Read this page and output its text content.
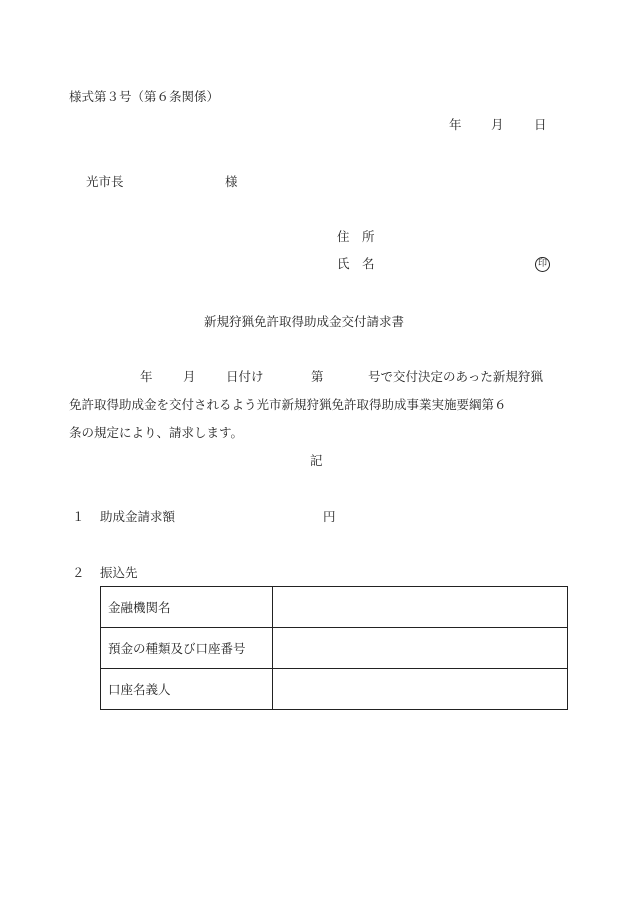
様式第３号（第６条関係）
年 月 日
光市長	様
住　所
氏　名	印
新規狩猟免許取得助成金交付請求書
年 月 日付け	第	号で交付決定のあった新規狩猟
免許取得助成金を交付されるよう光市新規狩猟免許取得助成事業実施要綱第６
条の規定により、請求します。
記
１ 助成金請求額	円
２ 振込先
金融機関名	
預金の種類及び口座番号	
口座名義人	
